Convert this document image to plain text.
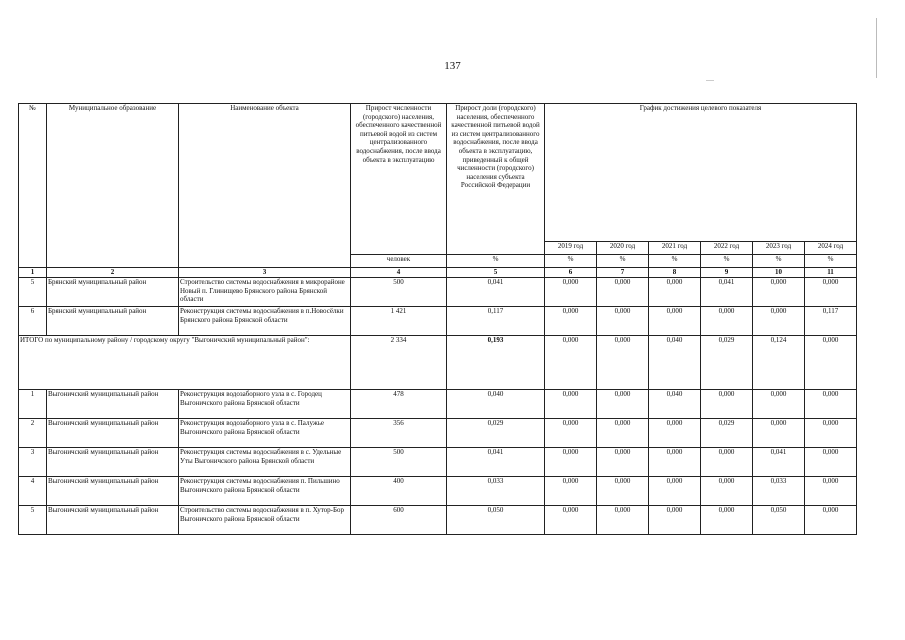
137
№	Муниципальное образование	Наименование объекта	Прирост численности (городского) населения, обеспеченного качественной питьевой водой из систем централизованного водоснабжения, после ввода объекта в эксплуатацию	Прирост доли (городского) населения, обеспеченного качественной питьевой водой из систем централизованного водоснабжения, после ввода объекта в эксплуатацию, приведенный к общей численности (городского) населения субъекта Российской Федерации	График достижения целевого показателя					
					2019 год	2020 год	2021 год	2022 год	2023 год	2024 год
			человек	%	%	%	%	%	%	%
1	2	3	4	5	6	7	8	9	10	11
5	Брянский муниципальный район	Строительство системы водоснабжения в микрорайоне Новый п. Глинищево Брянского района Брянской области	500	0,041	0,000	0,000	0,000	0,041	0,000	0,000
6	Брянский муниципальный район	Реконструкция системы водоснабжения в п.Новосёлки Брянского района Брянской области	1 421	0,117	0,000	0,000	0,000	0,000	0,000	0,117
ИТОГО по муниципальному району / городскому округу "Выгоничский муниципальный район":			2 334	0,193	0,000	0,000	0,040	0,029	0,124	0,000
1	Выгоничский муниципальный район	Реконструкция водозаборного узла в с. Городец Выгоничского района Брянской области	478	0,040	0,000	0,000	0,040	0,000	0,000	0,000
2	Выгоничский муниципальный район	Реконструкция водозаборного узла в с. Палужье Выгоничского района Брянской области	356	0,029	0,000	0,000	0,000	0,029	0,000	0,000
3	Выгоничский муниципальный район	Реконструкция системы водоснабжения в с. Удельные Уты Выгоничского района Брянской области	500	0,041	0,000	0,000	0,000	0,000	0,041	0,000
4	Выгоничский муниципальный район	Реконструкция системы водоснабжения п. Пильшино Выгоничского района Брянской области	400	0,033	0,000	0,000	0,000	0,000	0,033	0,000
5	Выгоничский муниципальный район	Строительство системы водоснабжения в п. Хутор-Бор Выгоничского района Брянской области	600	0,050	0,000	0,000	0,000	0,000	0,050	0,000
